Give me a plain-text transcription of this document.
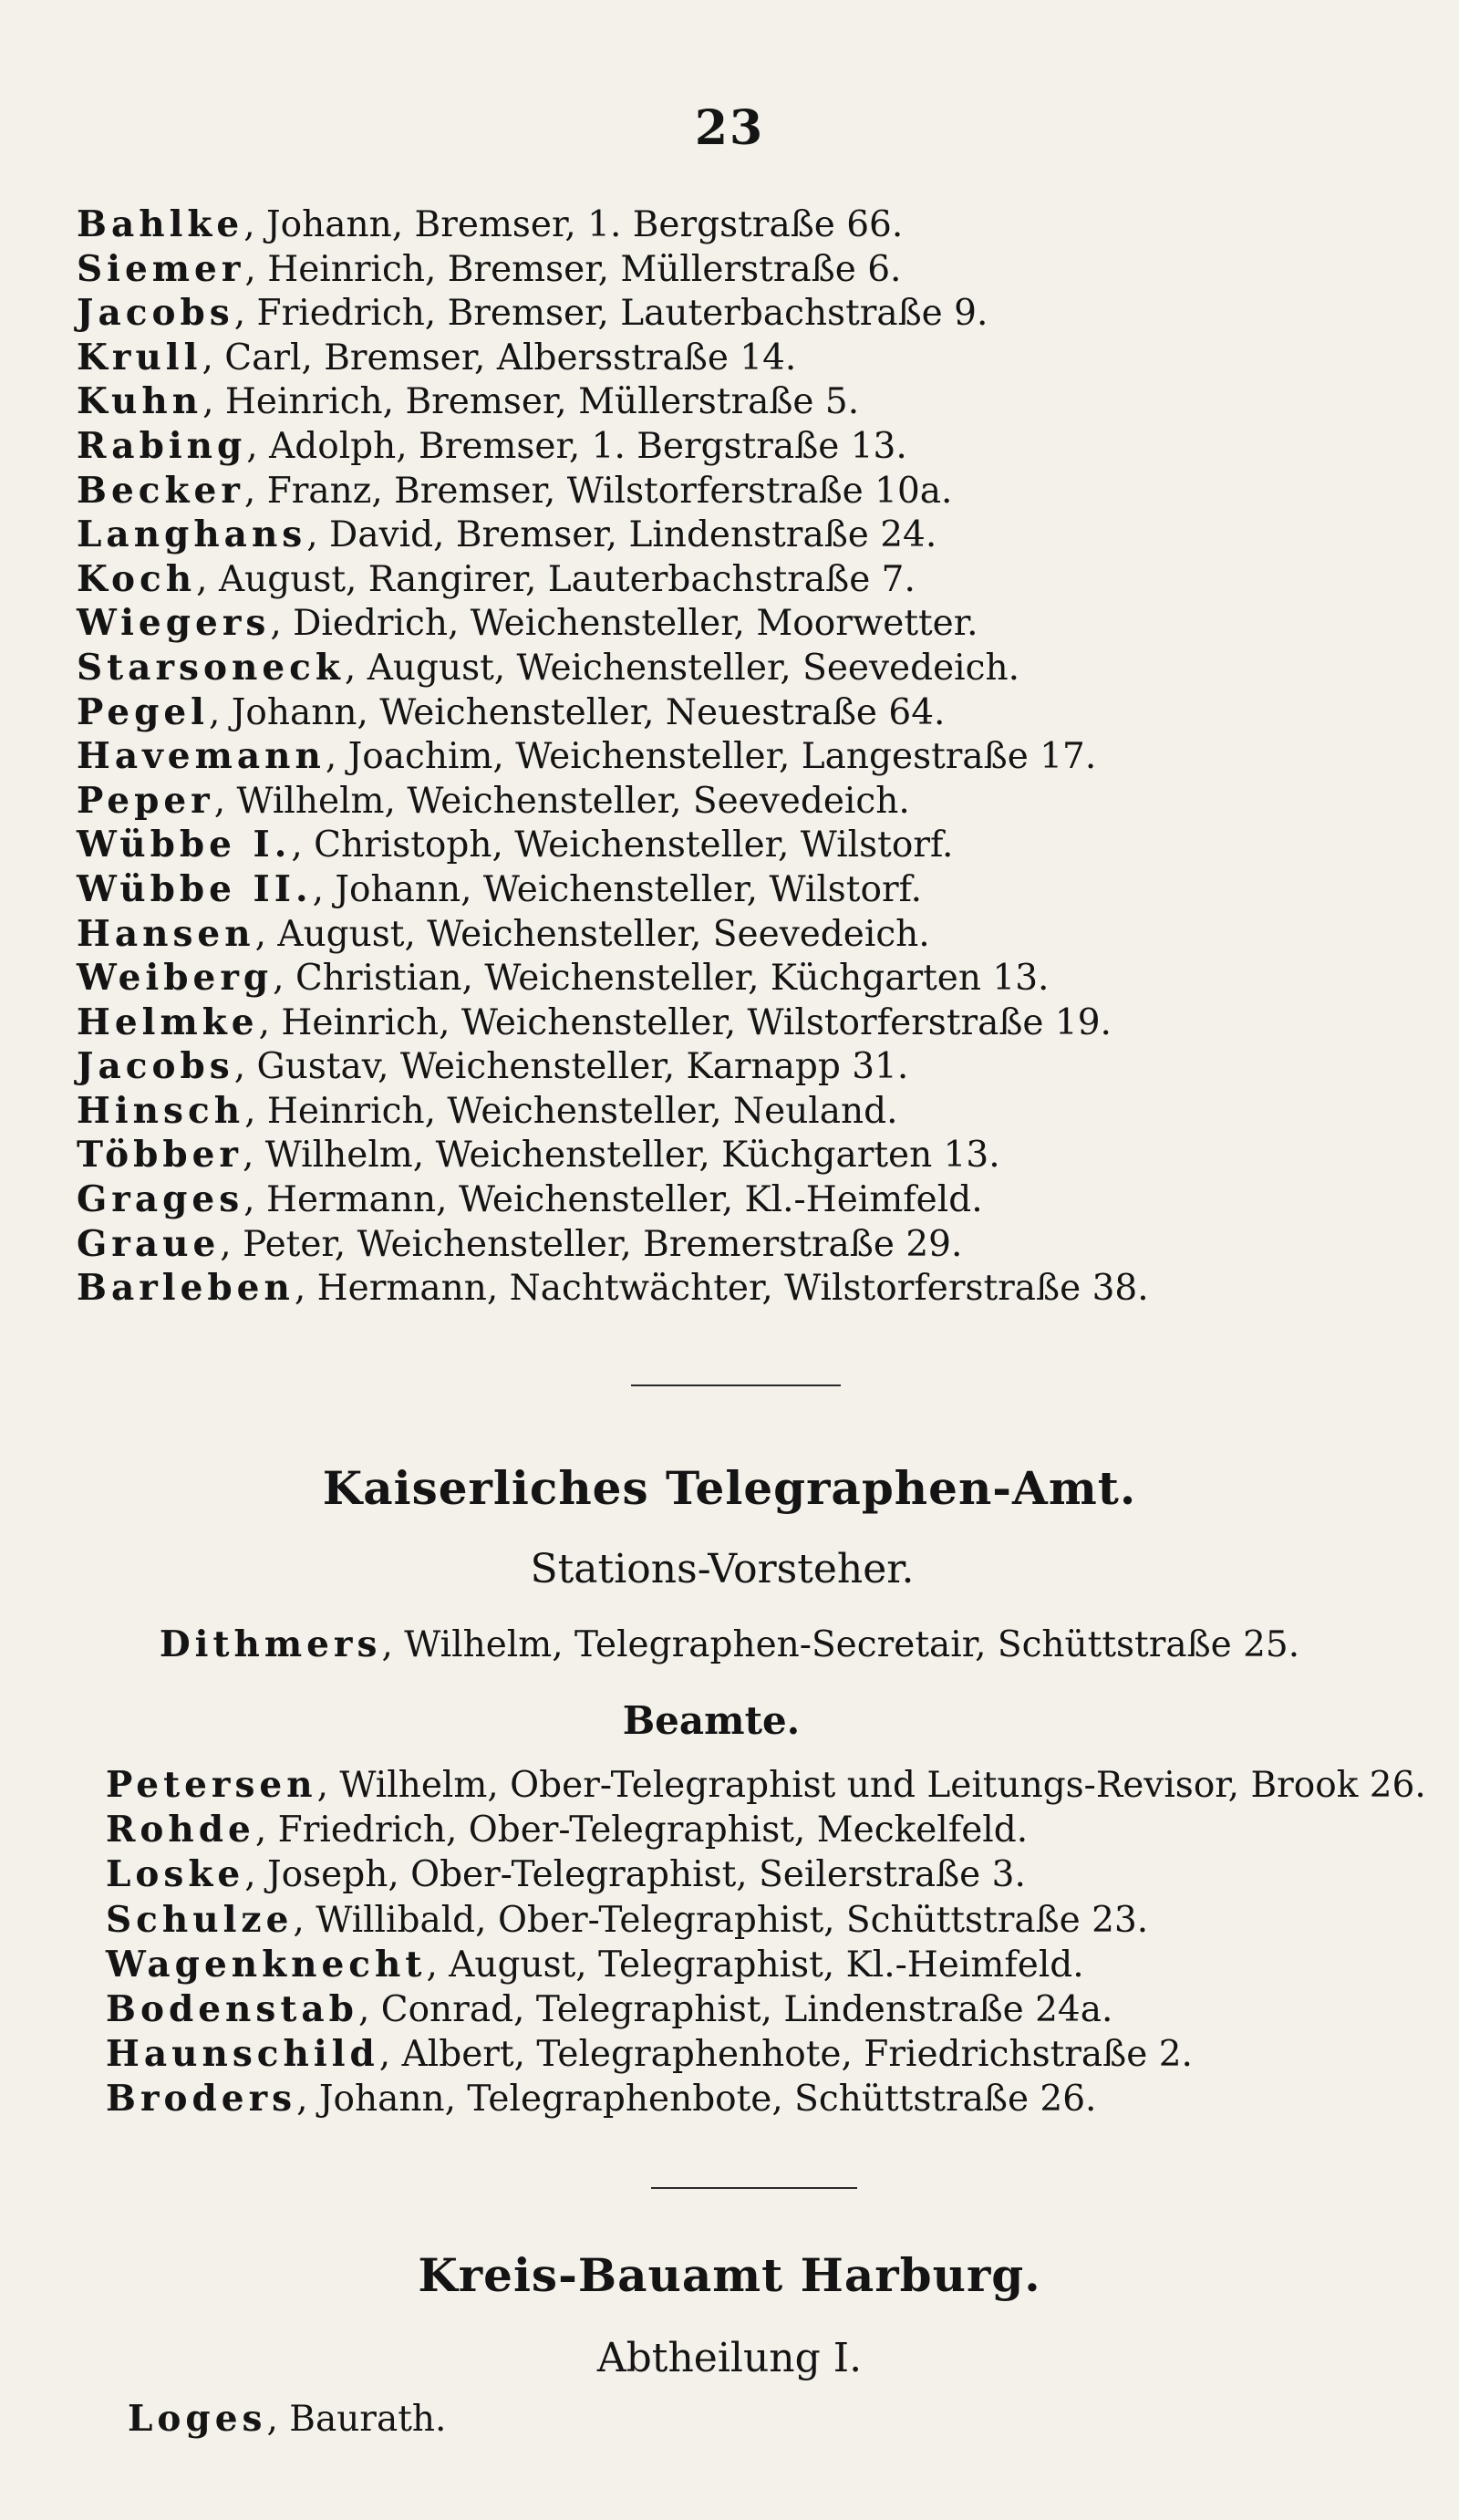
23
Bahlke, Johann, Bremser, 1. Bergstraße 66.
Siemer, Heinrich, Bremser, Müllerstraße 6.
Jacobs, Friedrich, Bremser, Lauterbachstraße 9.
Krull, Carl, Bremser, Albersstraße 14.
Kuhn, Heinrich, Bremser, Müllerstraße 5.
Rabing, Adolph, Bremser, 1. Bergstraße 13.
Becker, Franz, Bremser, Wilstorferstraße 10a.
Langhans, David, Bremser, Lindenstraße 24.
Koch, August, Rangirer, Lauterbachstraße 7.
Wiegers, Diedrich, Weichensteller, Moorwetter.
Starsoneck, August, Weichensteller, Seevedeich.
Pegel, Johann, Weichensteller, Neuestraße 64.
Havemann, Joachim, Weichensteller, Langestraße 17.
Peper, Wilhelm, Weichensteller, Seevedeich.
Wübbe I., Christoph, Weichensteller, Wilstorf.
Wübbe II., Johann, Weichensteller, Wilstorf.
Hansen, August, Weichensteller, Seevedeich.
Weiberg, Christian, Weichensteller, Küchgarten 13.
Helmke, Heinrich, Weichensteller, Wilstorferstraße 19.
Jacobs, Gustav, Weichensteller, Karnapp 31.
Hinsch, Heinrich, Weichensteller, Neuland.
Többer, Wilhelm, Weichensteller, Küchgarten 13.
Grages, Hermann, Weichensteller, Kl.-Heimfeld.
Graue, Peter, Weichensteller, Bremerstraße 29.
Barleben, Hermann, Nachtwächter, Wilstorferstraße 38.
Kaiserliches Telegraphen-Amt.
Stations-Vorsteher.
Dithmers, Wilhelm, Telegraphen-Secretair, Schüttstraße 25.
Beamte.
Petersen, Wilhelm, Ober-Telegraphist und Leitungs-Revisor, Brook 26.
Rohde, Friedrich, Ober-Telegraphist, Meckelfeld.
Loske, Joseph, Ober-Telegraphist, Seilerstraße 3.
Schulze, Willibald, Ober-Telegraphist, Schüttstraße 23.
Wagenknecht, August, Telegraphist, Kl.-Heimfeld.
Bodenstab, Conrad, Telegraphist, Lindenstraße 24a.
Haunschild, Albert, Telegraphenhote, Friedrichstraße 2.
Broders, Johann, Telegraphenbote, Schüttstraße 26.
Kreis-Bauamt Harburg.
Abtheilung I.
Loges, Baurath.
